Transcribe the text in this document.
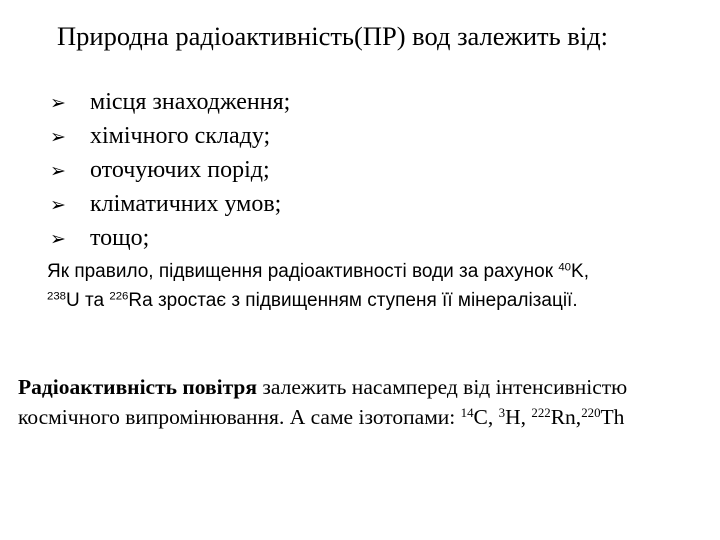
Природна радіоактивність(ПР) вод залежить від:
➢	місця знаходження;
➢	хімічного складу;
➢	оточуючих порід;
➢	кліматичних умов;
➢	тощо;
Як правило, підвищення радіоактивності води за рахунок $^{40}$K,
$^{238}$U та $^{226}$Ra зростає з підвищенням ступеня її мінералізації.
Радіоактивність повітря залежить насамперед від інтенсивністю космічного випромінювання. А саме ізотопами: $^{14}$C, $^3$H, $^{222}$Rn,$^{220}$Th
